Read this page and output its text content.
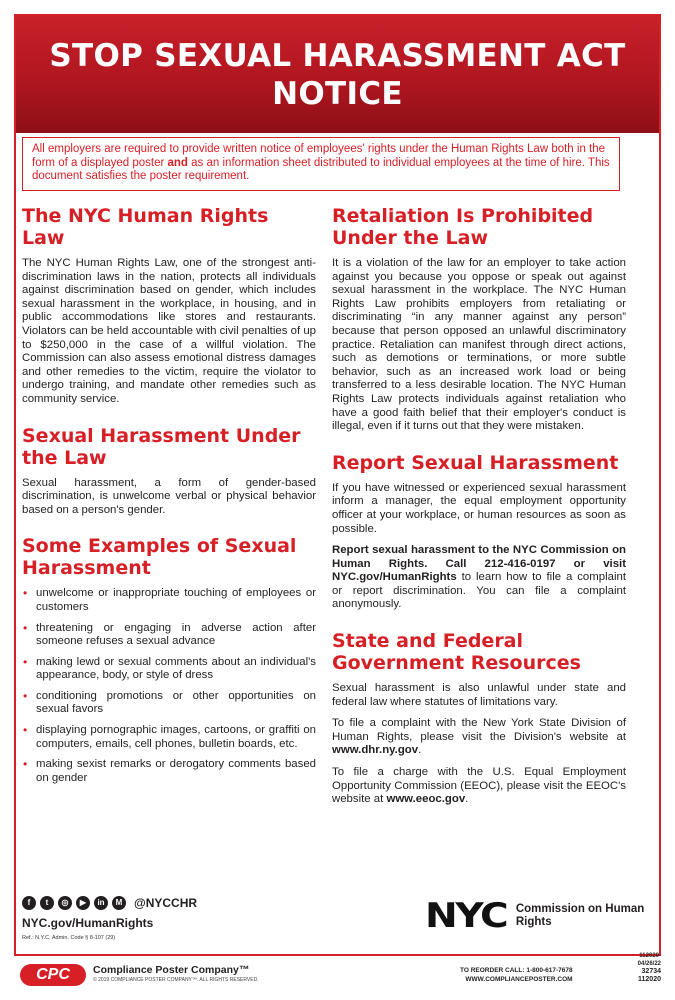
STOP SEXUAL HARASSMENT ACT NOTICE
All employers are required to provide written notice of employees' rights under the Human Rights Law both in the form of a displayed poster and as an information sheet distributed to individual employees at the time of hire. This document satisfies the poster requirement.
The NYC Human Rights Law

The NYC Human Rights Law, one of the strongest anti-discrimination laws in the nation, protects all individuals against discrimination based on gender, which includes sexual harassment in the workplace, in housing, and in public accommodations like stores and restaurants. Violators can be held accountable with civil penalties of up to $250,000 in the case of a willful violation. The Commission can also assess emotional distress damages and other remedies to the victim, require the violator to undergo training, and mandate other remedies such as community service.

Sexual Harassment Under the Law

Sexual harassment, a form of gender-based discrimination, is unwelcome verbal or physical behavior based on a person's gender.

Some Examples of Sexual Harassment
• unwelcome or inappropriate touching of employees or customers
• threatening or engaging in adverse action after someone refuses a sexual advance
• making lewd or sexual comments about an individual's appearance, body, or style of dress
• conditioning promotions or other opportunities on sexual favors
• displaying pornographic images, cartoons, or graffiti on computers, emails, cell phones, bulletin boards, etc.
• making sexist remarks or derogatory comments based on gender
Retaliation Is Prohibited Under the Law

It is a violation of the law for an employer to take action against you because you oppose or speak out against sexual harassment in the workplace. The NYC Human Rights Law prohibits employers from retaliating or discriminating “in any manner against any person” because that person opposed an unlawful discriminatory practice. Retaliation can manifest through direct actions, such as demotions or terminations, or more subtle behavior, such as an increased work load or being transferred to a less desirable location. The NYC Human Rights Law protects individuals against retaliation who have a good faith belief that their employer's conduct is illegal, even if it turns out that they were mistaken.

Report Sexual Harassment

If you have witnessed or experienced sexual harassment inform a manager, the equal employment opportunity officer at your workplace, or human resources as soon as possible.

Report sexual harassment to the NYC Commission on Human Rights. Call 212-416-0197 or visit NYC.gov/HumanRights to learn how to file a complaint or report discrimination. You can file a complaint anonymously.

State and Federal Government Resources

Sexual harassment is also unlawful under state and federal law where statutes of limitations vary.

To file a complaint with the New York State Division of Human Rights, please visit the Division's website at www.dhr.ny.gov.

To file a charge with the U.S. Equal Employment Opportunity Commission (EEOC), please visit the EEOC's website at www.eeoc.gov.

f	t	◎	▶	in	M @NYCCHR
NYC.gov/HumanRights
Ref.: N.Y.C. Admin. Code § 8-107 (29)
NYC Commission on Human Rights
CPC	Compliance Poster Company™
© 2019 COMPLIANCE POSTER COMPANY™. ALL RIGHTS RESERVED.
TO REORDER CALL: 1-800-617-7678
WWW.COMPLIANCEPOSTER.COM
112020-04/26/22
32734
112020
